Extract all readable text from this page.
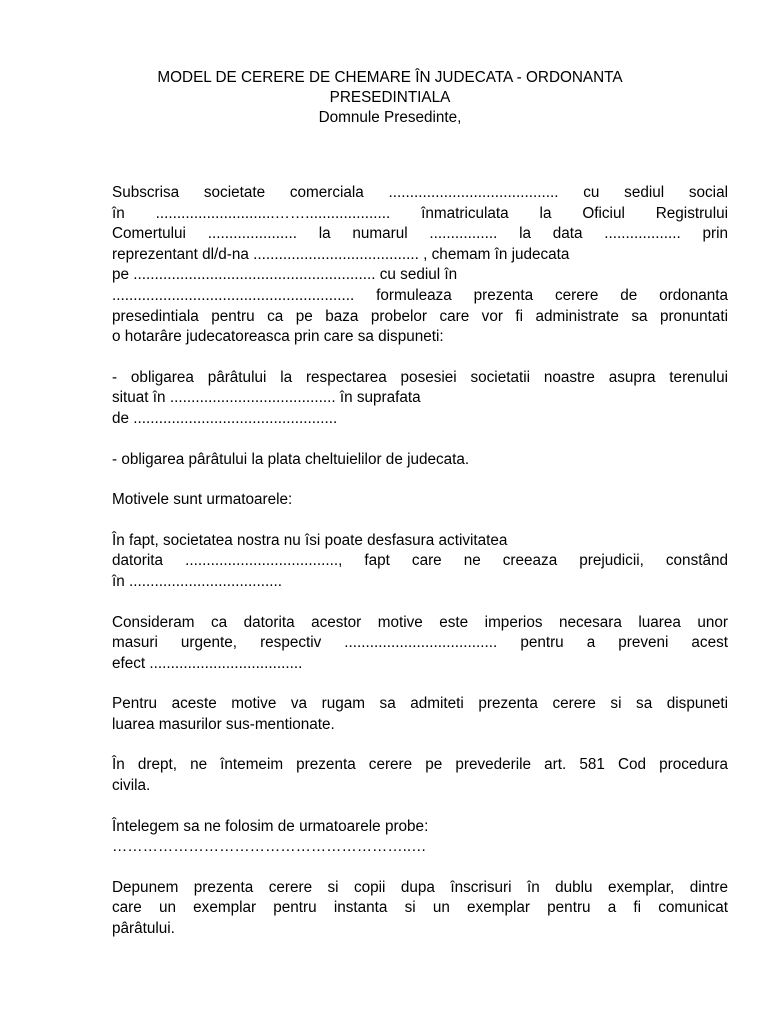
MODEL DE CERERE DE CHEMARE ÎN JUDECATA - ORDONANTA
PRESEDINTIALA
Domnule Presedinte,
Subscrisa societate comerciala ........................................ cu sediul social
în ............................…….................... înmatriculata la Oficiul Registrului
Comertului ..................... la numarul ................ la data .................. prin
reprezentant dl/d-na ....................................... , chemam în judecata
pe ......................................................... cu sediul în
......................................................... formuleaza prezenta cerere de ordonanta
presedintiala pentru ca pe baza probelor care vor fi administrate sa pronuntati
o hotarâre judecatoreasca prin care sa dispuneti:
- obligarea pârâtului la respectarea posesiei societatii noastre asupra terenului
situat în ....................................... în suprafata
de ................................................
- obligarea pârâtului la plata cheltuielilor de judecata.
Motivele sunt urmatoarele:
În fapt, societatea nostra nu îsi poate desfasura activitatea
datorita ...................................., fapt care ne creeaza prejudicii, constând
în ....................................
Consideram ca datorita acestor motive este imperios necesara luarea unor
masuri urgente, respectiv .................................... pentru a preveni acest
efect ....................................
Pentru aceste motive va rugam sa admiteti prezenta cerere si sa dispuneti
luarea masurilor sus-mentionate.
În drept, ne întemeim prezenta cerere pe prevederile art. 581 Cod procedura
civila.
Întelegem sa ne folosim de urmatoarele probe:
…………………………………………………..…
Depunem prezenta cerere si copii dupa înscrisuri în dublu exemplar, dintre
care un exemplar pentru instanta si un exemplar pentru a fi comunicat
pârâtului.
